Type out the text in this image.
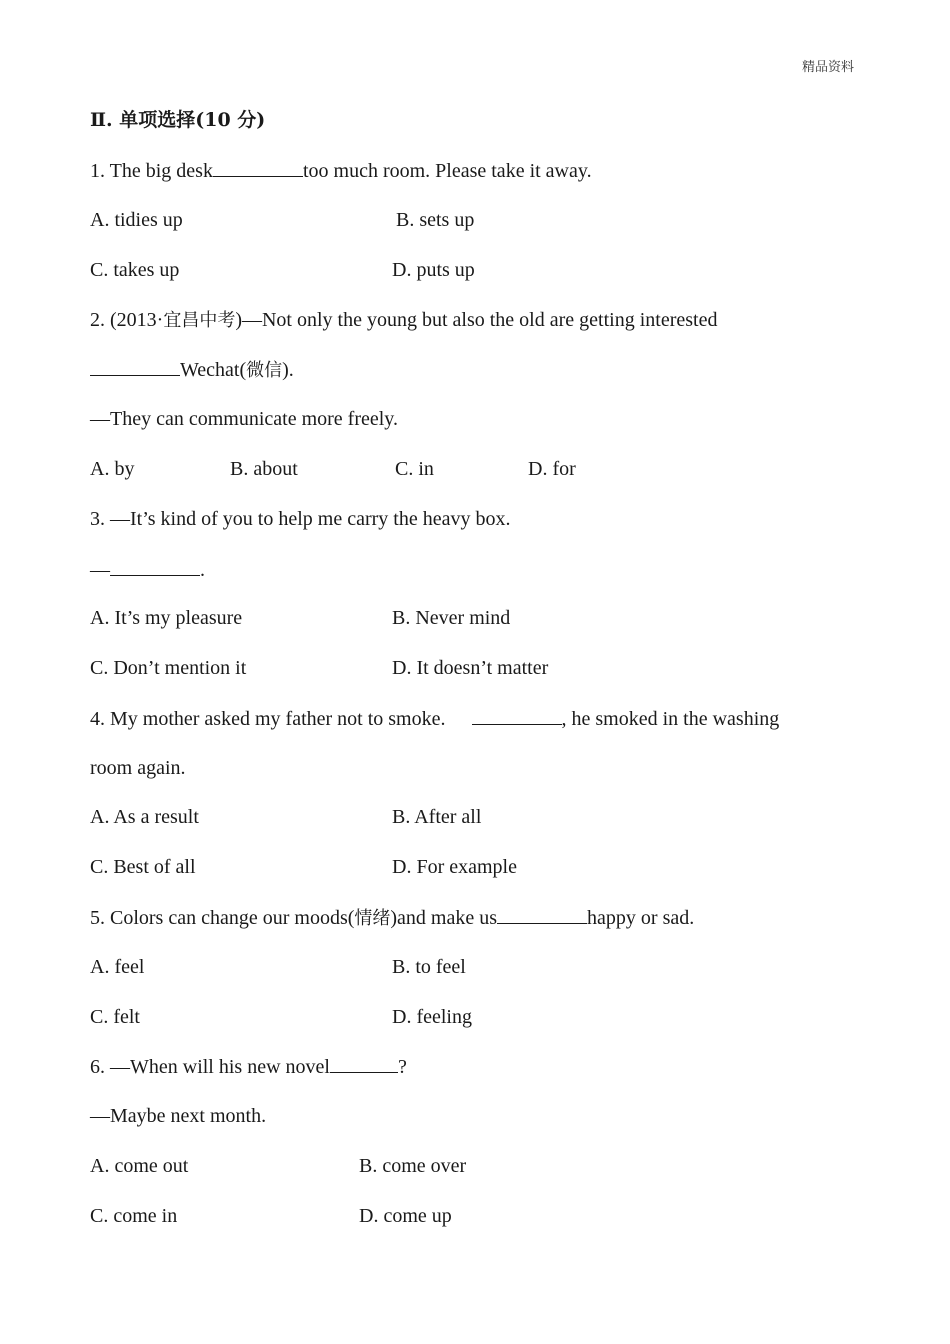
精品资料
Ⅱ. 单项选择(10 分)
1. The big desk	too much room. Please take it away.
A. tidies up	B. sets up
C. takes up	D. puts up
2. (2013·宜昌中考)—Not only the young but also the old are getting interested
Wechat(微信).
—They can communicate more freely.
A. by	B. about	C. in	D. for
3. —It’s kind of you to help me carry the heavy box.
—	.
A. It’s my pleasure	B. Never mind
C. Don’t mention it	D. It doesn’t matter
4. My mother asked my father not to smoke.	, he smoked in the washing
room again.
A. As a result	B. After all
C. Best of all	D. For example
5. Colors can change our moods(情绪)and make us	happy or sad.
A. feel	B. to feel
C. felt	D. feeling
6. —When will his new novel	?
—Maybe next month.
A. come out	B. come over
C. come in	D. come up
